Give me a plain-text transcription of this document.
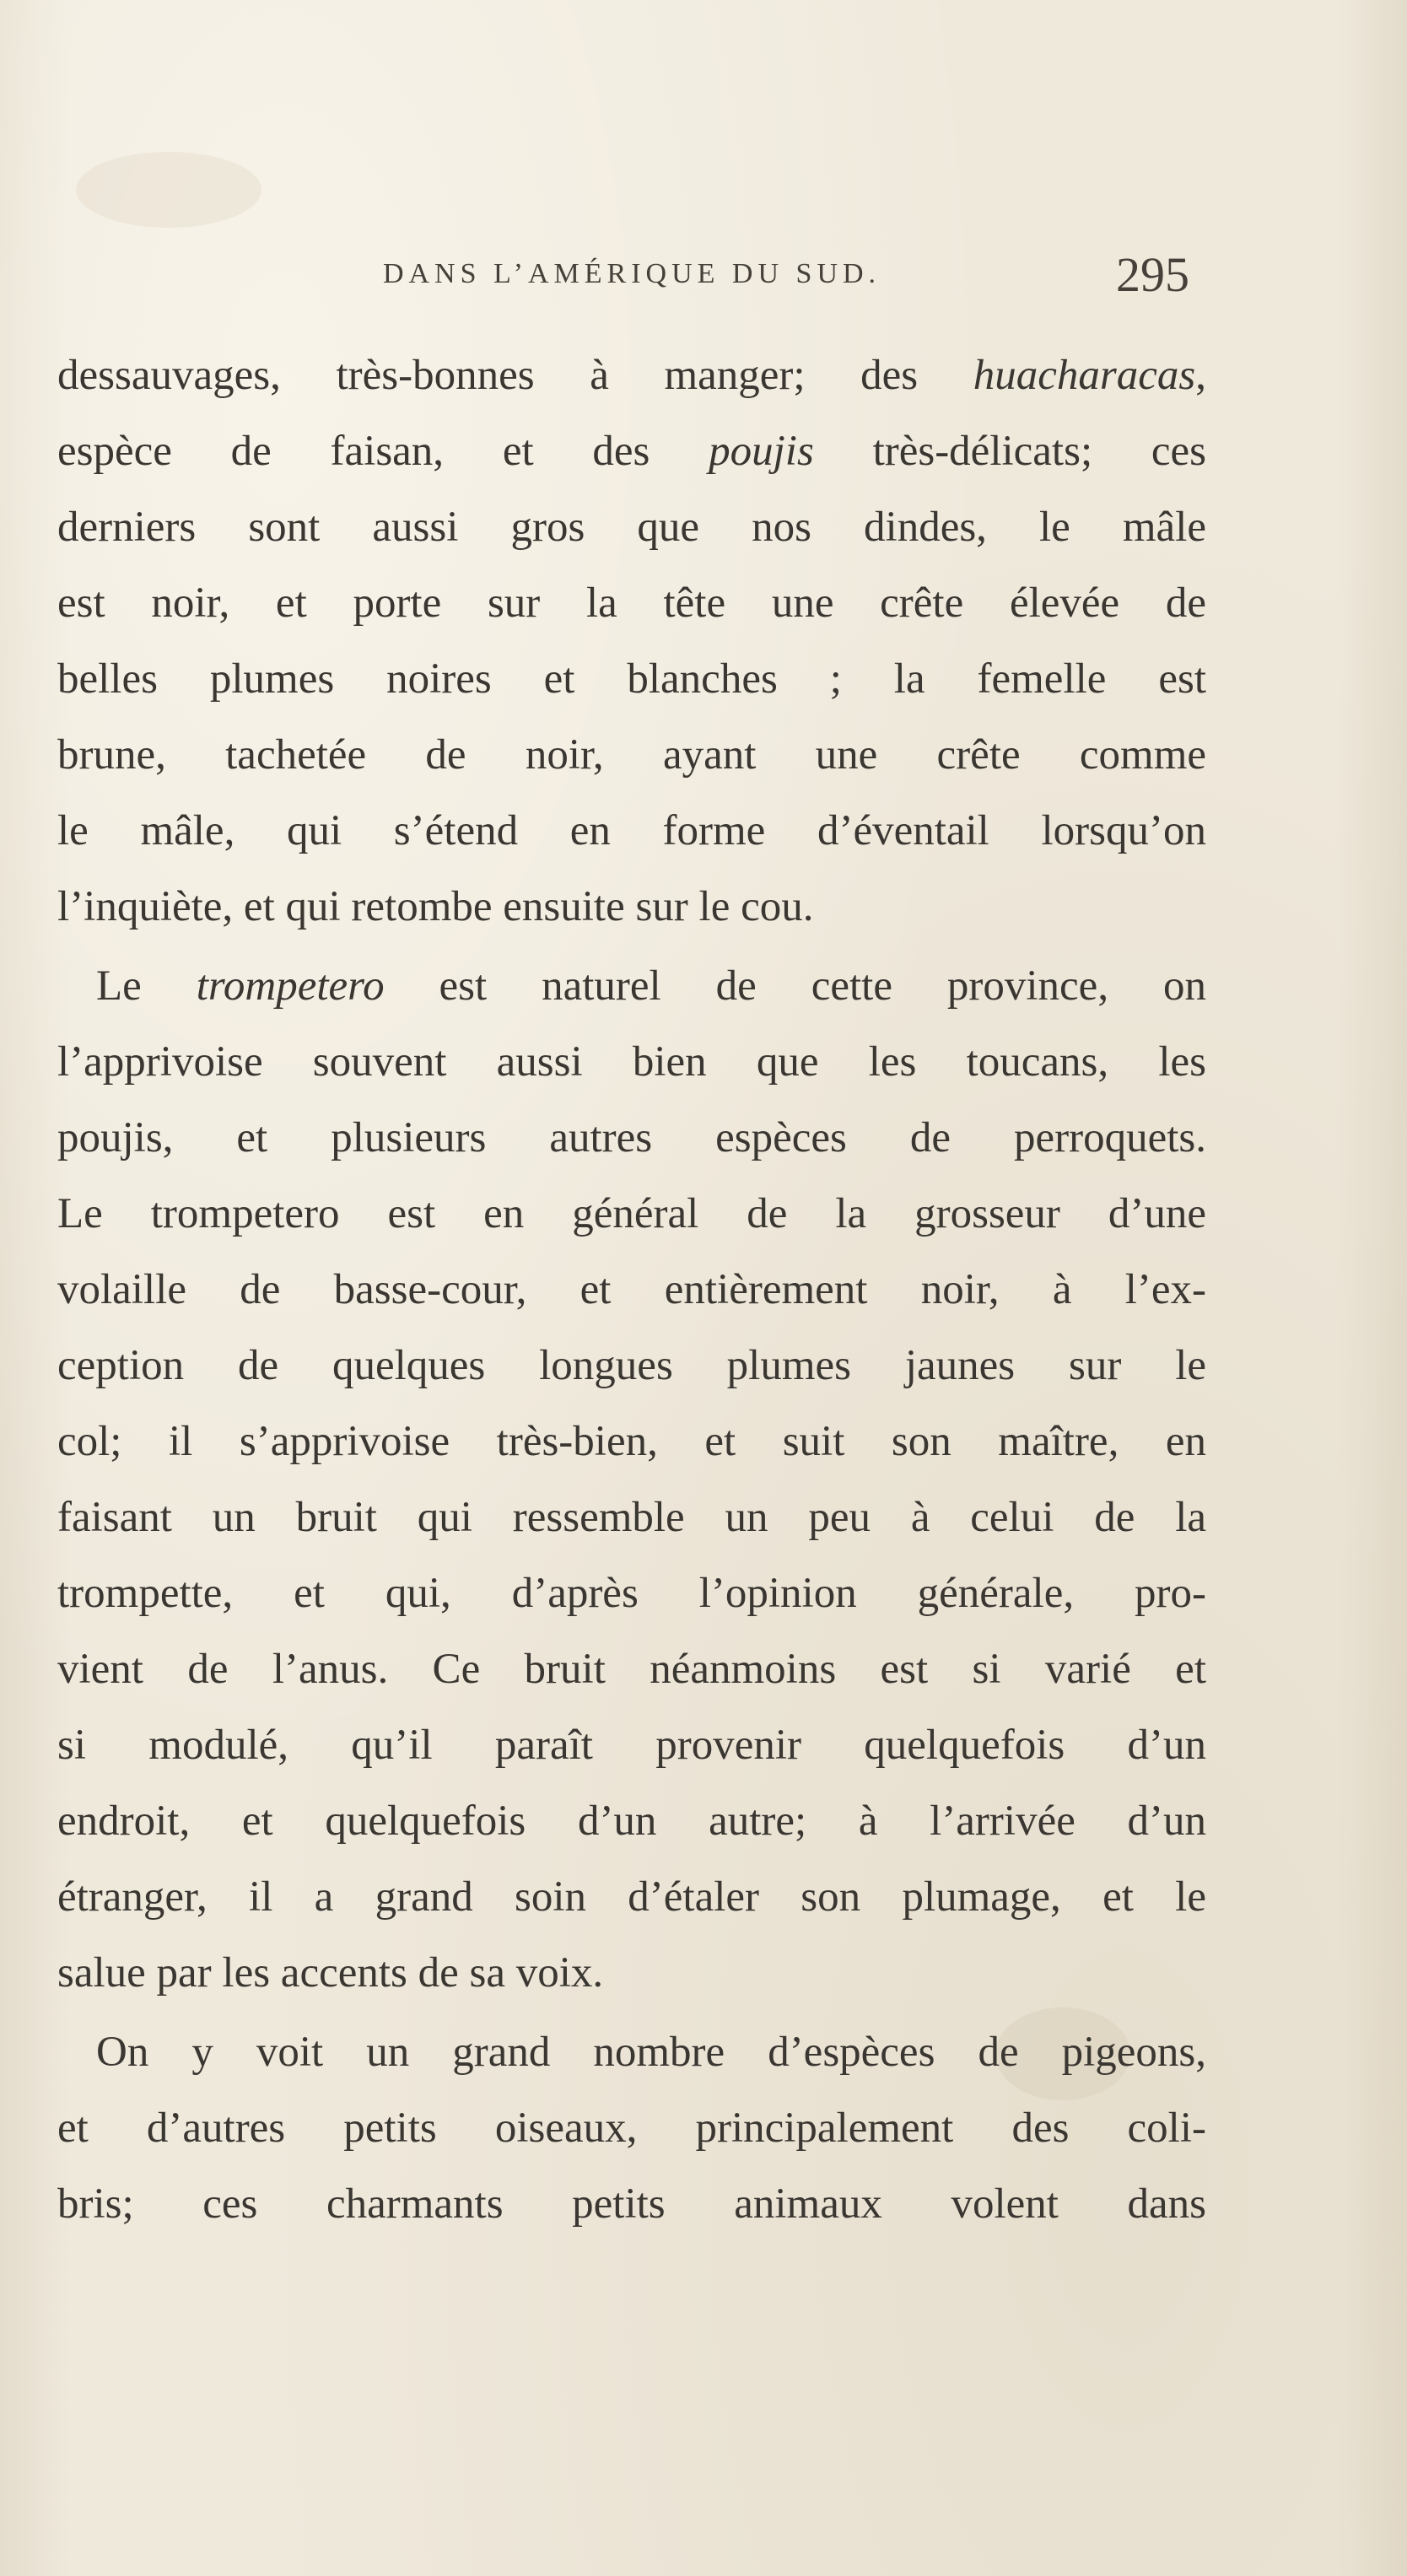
DANS L’AMÉRIQUE DU SUD.	295
dessauvages, très-bonnes à manger; des huacharacas,
espèce de faisan, et des poujis très-délicats; ces
derniers sont aussi gros que nos dindes, le mâle
est noir, et porte sur la tête une crête élevée de
belles plumes noires et blanches ; la femelle est
brune, tachetée de noir, ayant une crête comme
le mâle, qui s’étend en forme d’éventail lorsqu’on
l’inquiète, et qui retombe ensuite sur le cou.
Le trompetero est naturel de cette province, on
l’apprivoise souvent aussi bien que les toucans, les
poujis, et plusieurs autres espèces de perroquets.
Le trompetero est en général de la grosseur d’une
volaille de basse-cour, et entièrement noir, à l’ex-
ception de quelques longues plumes jaunes sur le
col; il s’apprivoise très-bien, et suit son maître, en
faisant un bruit qui ressemble un peu à celui de la
trompette, et qui, d’après l’opinion générale, pro-
vient de l’anus. Ce bruit néanmoins est si varié et
si modulé, qu’il paraît provenir quelquefois d’un
endroit, et quelquefois d’un autre; à l’arrivée d’un
étranger, il a grand soin d’étaler son plumage, et le
salue par les accents de sa voix.
On y voit un grand nombre d’espèces de pigeons,
et d’autres petits oiseaux, principalement des coli-
bris; ces charmants petits animaux volent dans
